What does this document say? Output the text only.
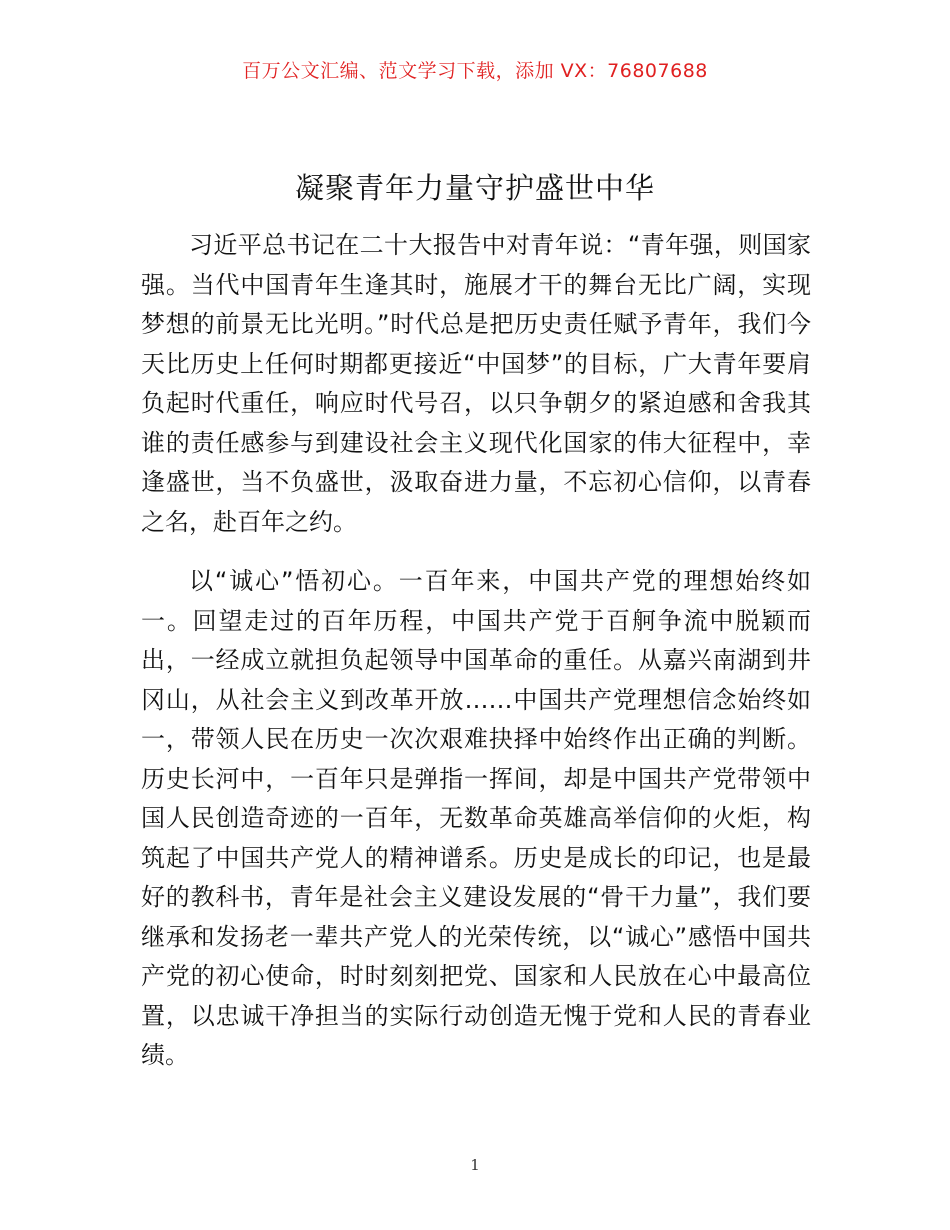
百万公文汇编、范文学习下载，添加 VX：76807688
凝聚青年力量守护盛世中华

习近平总书记在二十大报告中对青年说：“青年强，则国家强。当代中国青年生逢其时，施展才干的舞台无比广阔，实现梦想的前景无比光明。”时代总是把历史责任赋予青年，我们今天比历史上任何时期都更接近“中国梦”的目标，广大青年要肩负起时代重任，响应时代号召，以只争朝夕的紧迫感和舍我其谁的责任感参与到建设社会主义现代化国家的伟大征程中，幸逢盛世，当不负盛世，汲取奋进力量，不忘初心信仰，以青春之名，赴百年之约。

以“诚心”悟初心。一百年来，中国共产党的理想始终如一。回望走过的百年历程，中国共产党于百舸争流中脱颖而出，一经成立就担负起领导中国革命的重任。从嘉兴南湖到井冈山，从社会主义到改革开放……中国共产党理想信念始终如一，带领人民在历史一次次艰难抉择中始终作出正确的判断。历史长河中，一百年只是弹指一挥间，却是中国共产党带领中国人民创造奇迹的一百年，无数革命英雄高举信仰的火炬，构筑起了中国共产党人的精神谱系。历史是成长的印记，也是最好的教科书，青年是社会主义建设发展的“骨干力量”，我们要继承和发扬老一辈共产党人的光荣传统，以“诚心”感悟中国共产党的初心使命，时时刻刻把党、国家和人民放在心中最高位置，以忠诚干净担当的实际行动创造无愧于党和人民的青春业绩。

1
